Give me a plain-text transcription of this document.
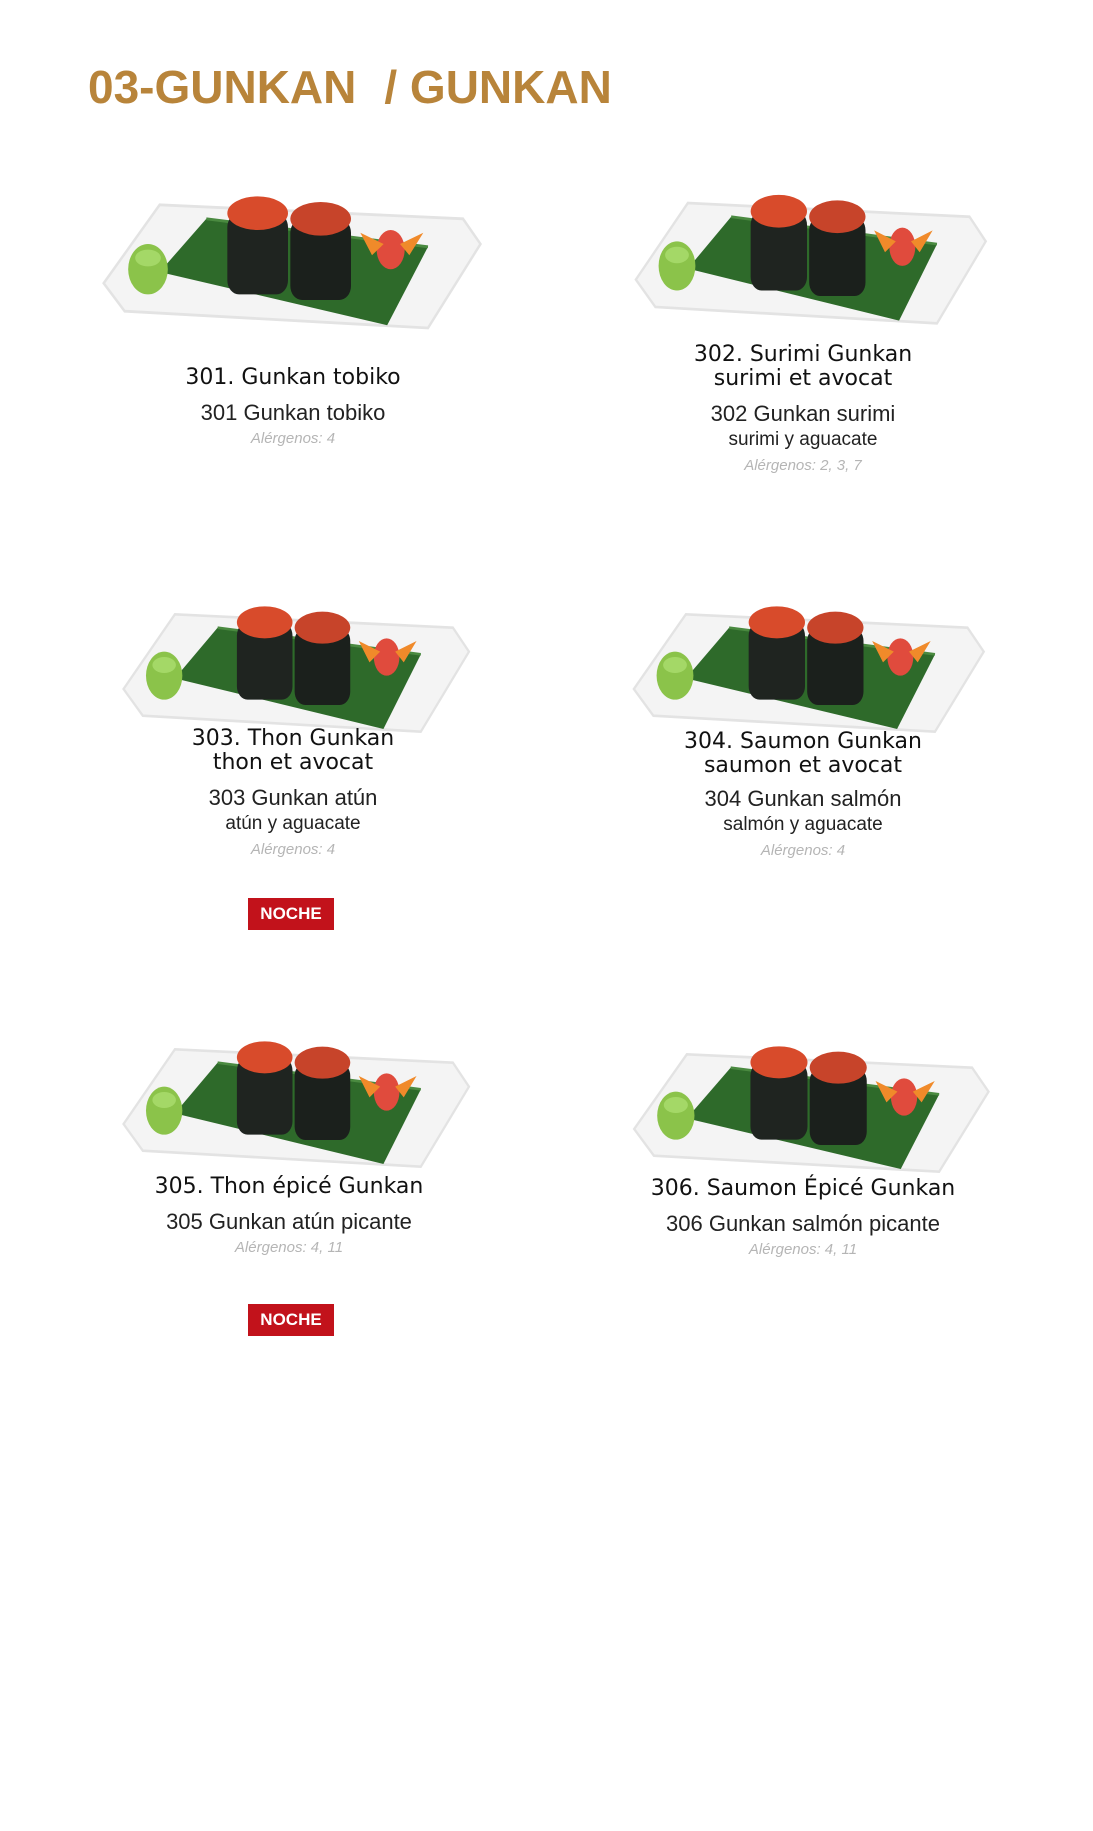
03-GUNKAN / GUNKAN
301. Gunkan tobiko
301 Gunkan tobiko
Alérgenos: 4
302. Surimi Gunkan
surimi et avocat
302 Gunkan surimi
surimi y aguacate
Alérgenos: 2, 3, 7
303. Thon Gunkan
thon et avocat
303 Gunkan atún
atún y aguacate
Alérgenos: 4
NOCHE
304. Saumon Gunkan
saumon et avocat
304 Gunkan salmón
salmón y aguacate
Alérgenos: 4
305. Thon épicé Gunkan
305 Gunkan atún picante
Alérgenos: 4, 11
NOCHE
306. Saumon Épicé Gunkan
306 Gunkan salmón picante
Alérgenos: 4, 11
